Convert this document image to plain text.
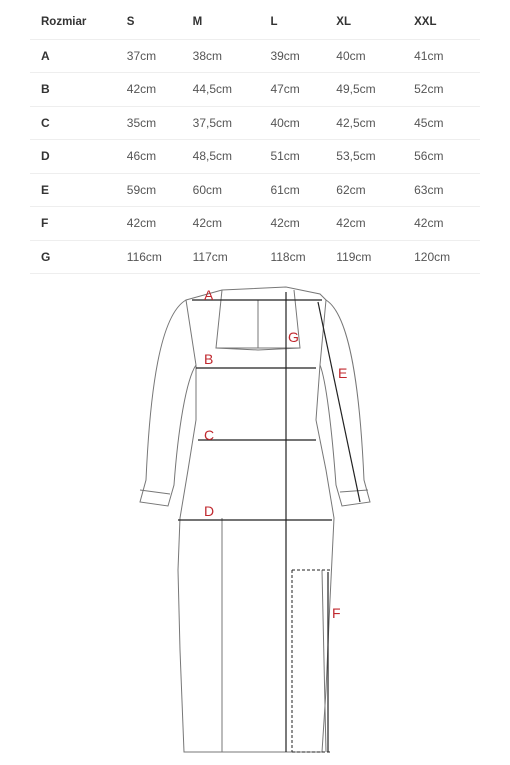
Rozmiar	S	M	L	XL	XXL
A	37cm	38cm	39cm	40cm	41cm
B	42cm	44,5cm	47cm	49,5cm	52cm
C	35cm	37,5cm	40cm	42,5cm	45cm
D	46cm	48,5cm	51cm	53,5cm	56cm
E	59cm	60cm	61cm	62cm	63cm
F	42cm	42cm	42cm	42cm	42cm
G	116cm	117cm	118cm	119cm	120cm
A
B
C
D
E
F
G
